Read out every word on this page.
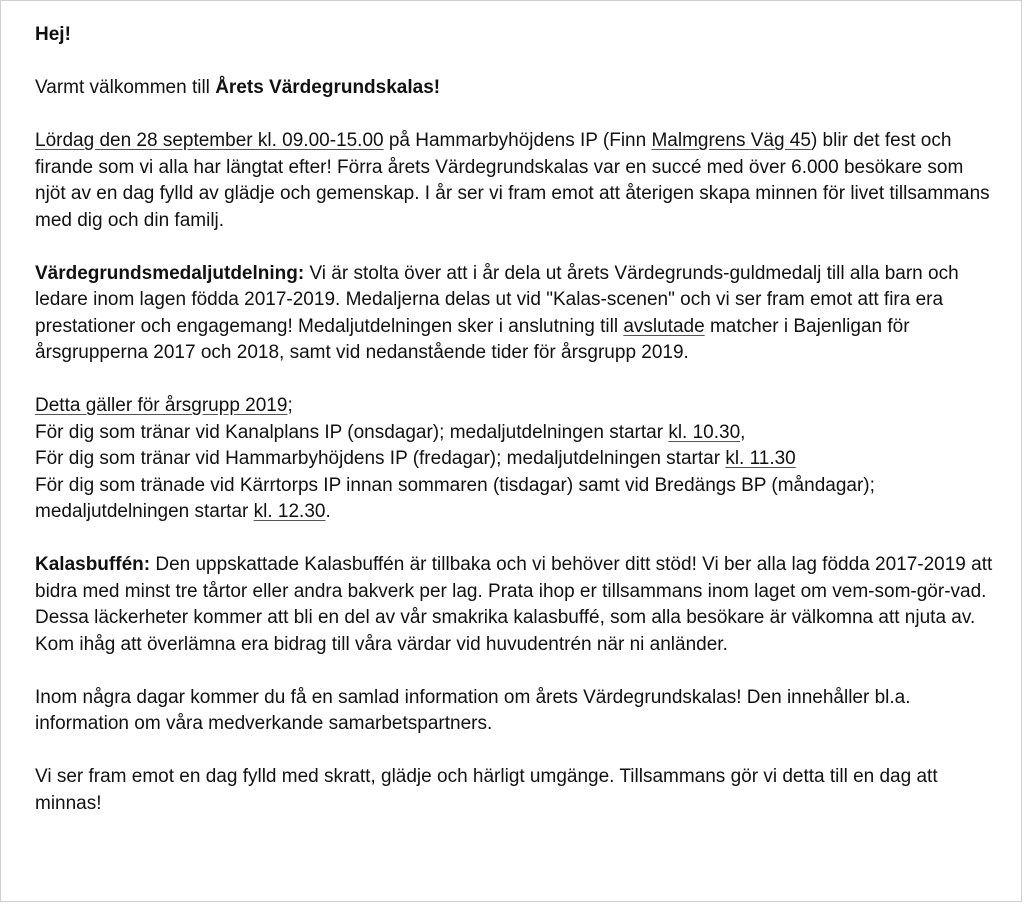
Hej!

Varmt välkommen till Årets Värdegrundskalas!

Lördag den 28 september kl. 09.00-15.00 på Hammarbyhöjdens IP (Finn Malmgrens Väg 45) blir det fest och firande som vi alla har längtat efter! Förra årets Värdegrundskalas var en succé med över 6.000 besökare som njöt av en dag fylld av glädje och gemenskap. I år ser vi fram emot att återigen skapa minnen för livet tillsammans med dig och din familj.

Värdegrundsmedaljutdelning: Vi är stolta över att i år dela ut årets Värdegrunds-guldmedalj till alla barn och ledare inom lagen födda 2017-2019. Medaljerna delas ut vid "Kalas-scenen" och vi ser fram emot att fira era prestationer och engagemang! Medaljutdelningen sker i anslutning till avslutade matcher i Bajenligan för årsgrupperna 2017 och 2018, samt vid nedanstående tider för årsgrupp 2019.

Detta gäller för årsgrupp 2019;
För dig som tränar vid Kanalplans IP (onsdagar); medaljutdelningen startar kl. 10.30,
För dig som tränar vid Hammarbyhöjdens IP (fredagar); medaljutdelningen startar kl. 11.30
För dig som tränade vid Kärrtorps IP innan sommaren (tisdagar) samt vid Bredängs BP (måndagar); medaljutdelningen startar kl. 12.30.

Kalasbuffén: Den uppskattade Kalasbuffén är tillbaka och vi behöver ditt stöd! Vi ber alla lag födda 2017-2019 att bidra med minst tre tårtor eller andra bakverk per lag. Prata ihop er tillsammans inom laget om vem-som-gör-vad. Dessa läckerheter kommer att bli en del av vår smakrika kalasbuffé, som alla besökare är välkomna att njuta av. Kom ihåg att överlämna era bidrag till våra värdar vid huvudentrén när ni anländer.

Inom några dagar kommer du få en samlad information om årets Värdegrundskalas! Den innehåller bl.a. information om våra medverkande samarbetspartners.

Vi ser fram emot en dag fylld med skratt, glädje och härligt umgänge. Tillsammans gör vi detta till en dag att minnas!
